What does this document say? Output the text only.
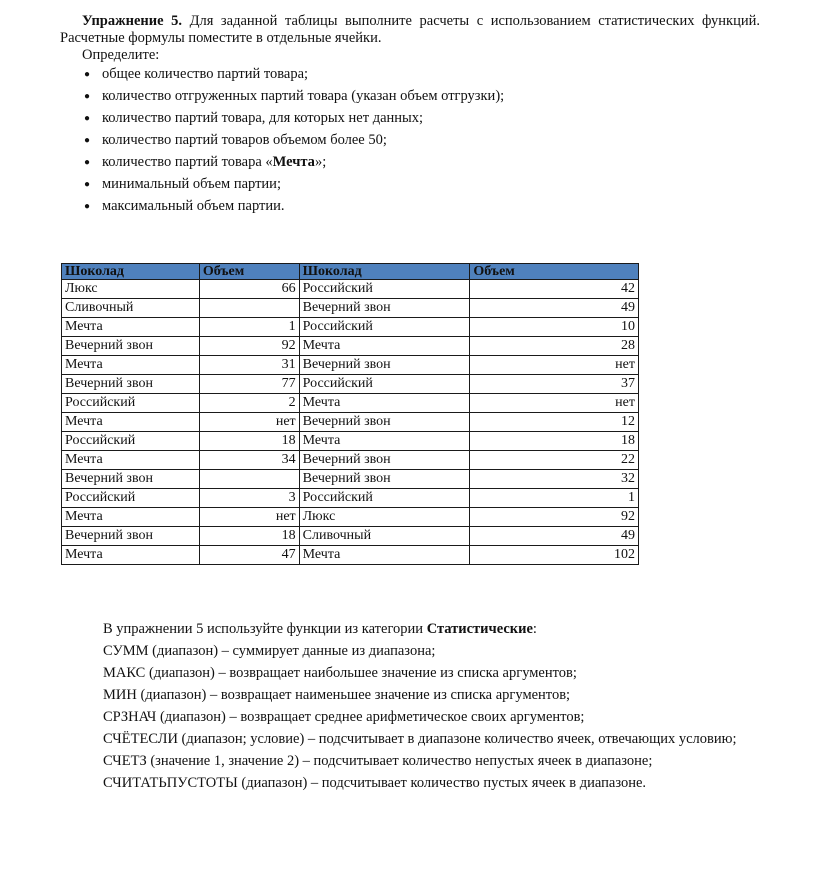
Упражнение 5. Для заданной таблицы выполните расчеты с использованием статистических функций. Расчетные формулы поместите в отдельные ячейки.

Определите:

● общее количество партий товара;
● количество отгруженных партий товара (указан объем отгрузки);
● количество партий товара, для которых нет данных;
● количество партий товаров объемом более 50;
● количество партий товара «Мечта»;
● минимальный объем партии;
● максимальный объем партии.
Шоколад	Объем	Шоколад	Объем
Люкс	66	Российский	42
Сливочный		Вечерний звон	49
Мечта	1	Российский	10
Вечерний звон	92	Мечта	28
Мечта	31	Вечерний звон	нет
Вечерний звон	77	Российский	37
Российский	2	Мечта	нет
Мечта	нет	Вечерний звон	12
Российский	18	Мечта	18
Мечта	34	Вечерний звон	22
Вечерний звон		Вечерний звон	32
Российский	3	Российский	1
Мечта	нет	Люкс	92
Вечерний звон	18	Сливочный	49
Мечта	47	Мечта	102

В упражнении 5 используйте функции из категории Статистические:

СУММ (диапазон) – суммирует данные из диапазона;

МАКС (диапазон) – возвращает наибольшее значение из списка аргументов;

МИН (диапазон) – возвращает наименьшее значение из списка аргументов;

СРЗНАЧ (диапазон) – возвращает среднее арифметическое своих аргументов;

СЧЁТЕСЛИ (диапазон; условие) – подсчитывает в диапазоне количество ячеек, отвечающих условию;

СЧЕТЗ (значение 1, значение 2) – подсчитывает количество непустых ячеек в диапазоне;

СЧИТАТЬПУСТОТЫ (диапазон) – подсчитывает количество пустых ячеек в диапазоне.
